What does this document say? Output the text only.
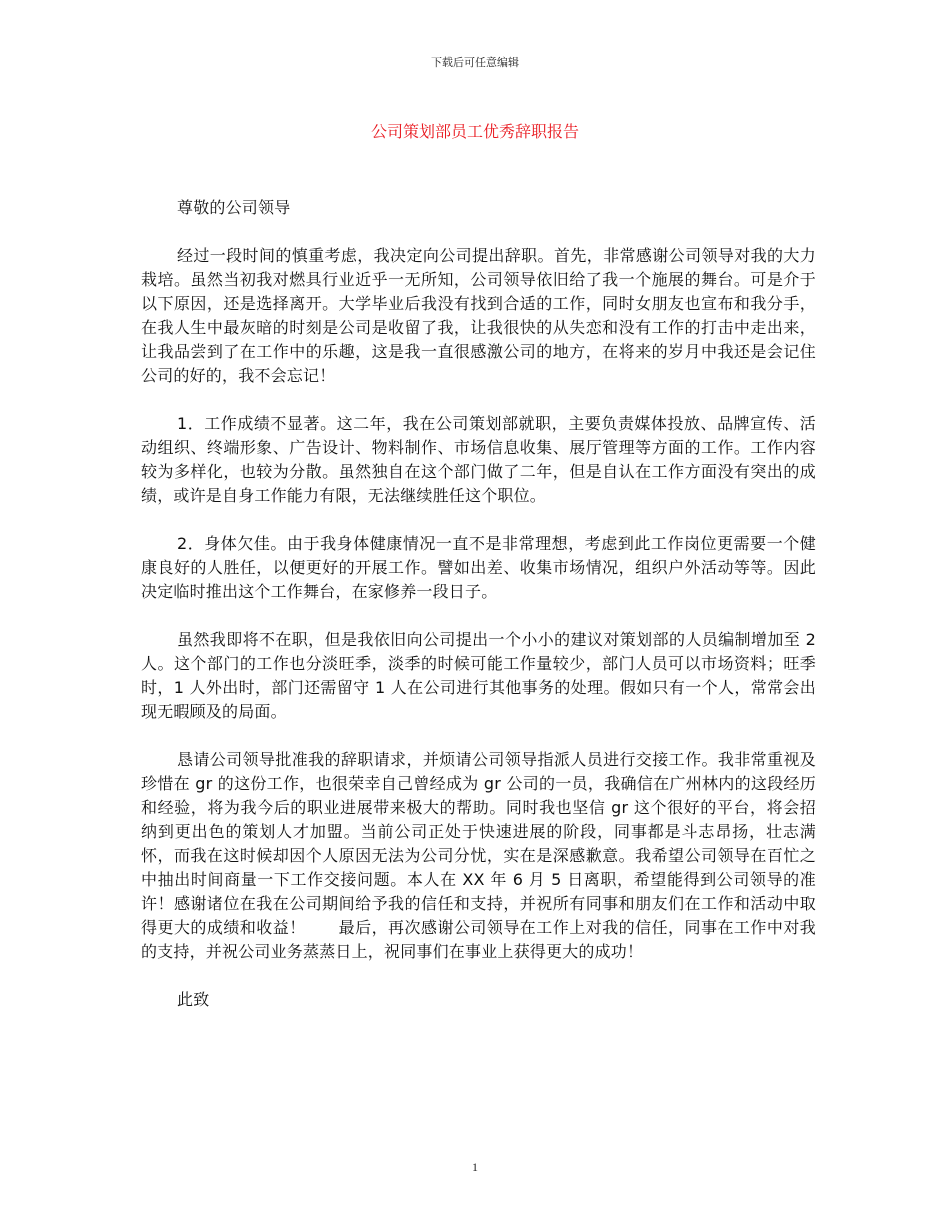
下载后可任意编辑
公司策划部员工优秀辞职报告

尊敬的公司领导

经过一段时间的慎重考虑，我决定向公司提出辞职。首先，非常感谢公司领导对我的大力栽培。虽然当初我对燃具行业近乎一无所知，公司领导依旧给了我一个施展的舞台。可是介于以下原因，还是选择离开。大学毕业后我没有找到合适的工作，同时女朋友也宣布和我分手，在我人生中最灰暗的时刻是公司是收留了我，让我很快的从失恋和没有工作的打击中走出来，让我品尝到了在工作中的乐趣，这是我一直很感激公司的地方，在将来的岁月中我还是会记住公司的好的，我不会忘记！

1．工作成绩不显著。这二年，我在公司策划部就职，主要负责媒体投放、品牌宣传、活动组织、终端形象、广告设计、物料制作、市场信息收集、展厅管理等方面的工作。工作内容较为多样化，也较为分散。虽然独自在这个部门做了二年，但是自认在工作方面没有突出的成绩，或许是自身工作能力有限，无法继续胜任这个职位。

2．身体欠佳。由于我身体健康情况一直不是非常理想，考虑到此工作岗位更需要一个健康良好的人胜任，以便更好的开展工作。譬如出差、收集市场情况，组织户外活动等等。因此决定临时推出这个工作舞台，在家修养一段日子。

虽然我即将不在职，但是我依旧向公司提出一个小小的建议对策划部的人员编制增加至 2 人。这个部门的工作也分淡旺季，淡季的时候可能工作量较少，部门人员可以市场资料；旺季时，1 人外出时，部门还需留守 1 人在公司进行其他事务的处理。假如只有一个人，常常会出现无暇顾及的局面。

恳请公司领导批准我的辞职请求，并烦请公司领导指派人员进行交接工作。我非常重视及珍惜在 gr 的这份工作，也很荣幸自己曾经成为 gr 公司的一员，我确信在广州林内的这段经历和经验，将为我今后的职业进展带来极大的帮助。同时我也坚信 gr 这个很好的平台，将会招纳到更出色的策划人才加盟。当前公司正处于快速进展的阶段，同事都是斗志昂扬，壮志满怀，而我在这时候却因个人原因无法为公司分忧，实在是深感歉意。我希望公司领导在百忙之中抽出时间商量一下工作交接问题。本人在 XX 年 6 月 5 日离职，希望能得到公司领导的准许！感谢诸位在我在公司期间给予我的信任和支持，并祝所有同事和朋友们在工作和活动中取得更大的成绩和收益！　　最后，再次感谢公司领导在工作上对我的信任，同事在工作中对我的支持，并祝公司业务蒸蒸日上，祝同事们在事业上获得更大的成功！

此致

1
